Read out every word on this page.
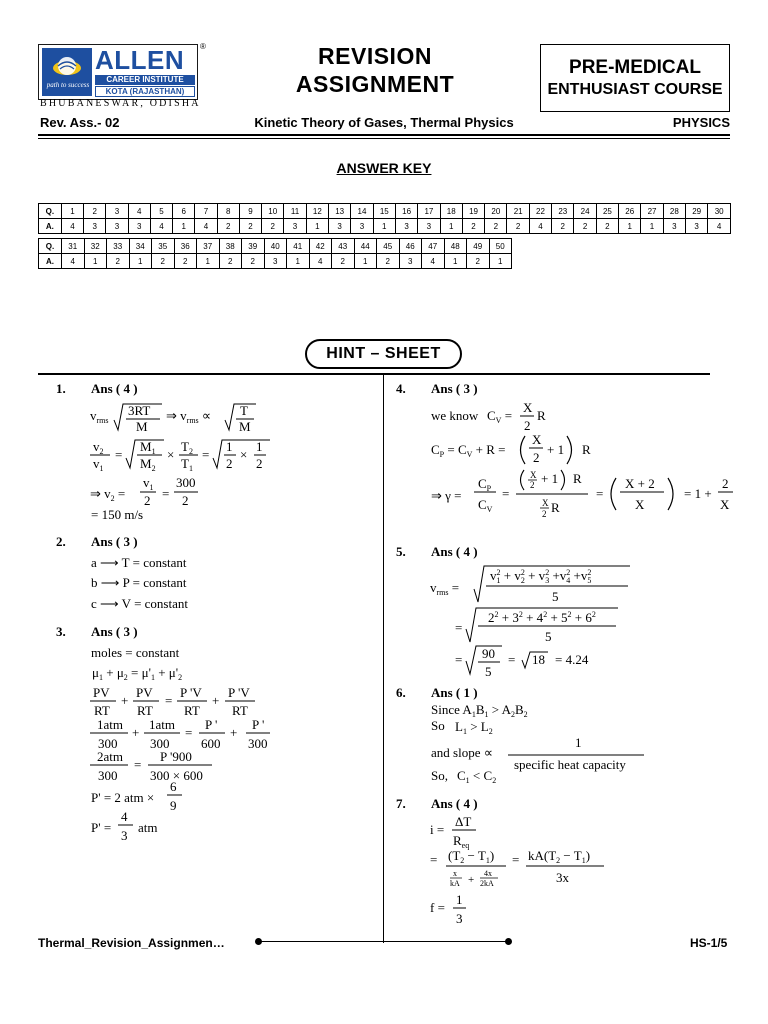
path to success
ALLEN
CAREER INSTITUTE
KOTA (RAJASTHAN)
®
BHUBANESWAR, ODISHA
REVISION
ASSIGNMENT
PRE-MEDICAL
ENTHUSIAST COURSE
Kinetic Theory of Gases, Thermal Physics
Rev. Ass.- 02	PHYSICS
ANSWER KEY
Q.	1	2	3	4	5	6	7	8	9	10	11	12	13	14	15	16	17	18	19	20	21	22	23	24	25	26	27	28	29	30
A.	4	3	3	3	4	1	4	2	2	2	3	1	3	3	1	3	3	1	2	2	2	4	2	2	2	1	1	3	3	4
Q.	31	32	33	34	35	36	37	38	39	40	41	42	43	44	45	46	47	48	49	50
A.	4	1	2	1	2	2	1	2	2	3	1	4	2	1	2	3	4	1	2	1
HINT – SHEET
1. Ans ( 4 )
$v_{rms}$
3RT
M
⇒ $v_{rms} \propto T$
M
$v_2$
$v_1$
=
$M_1$
$M_2$
×
$T_2$
$T_1$
=
1
2
×
1
2
⇒ $v_2$ =
$v_1$
2 =
300
2
= 150 m/s
2. Ans ( 3 )
a ⟶ T = constant
b ⟶ P = constant
c ⟶ V = constant
3. Ans ( 3 )
moles = constant
$\mu_1 + \mu_2 = \mu'_1 + \mu'_2$
PV
RT
+
PV
RT
=
P 'V
RT
+
P 'V
RT
1atm
300
+
1atm
300
=
P '
600
+
P '
300
2atm
300
=
P '900
300 × 600
P' = 2 atm ×
6
9
P' =
4
3
atm
4. Ans ( 3 )
we know $C_V$ =
X
2
R
$C_P = C_V + R$ =
X
2
+ 1 R
⇒ γ =
$C_P$
$C_V$
=
X
2 + 1 R
X
2 R
=
X + 2
X
= 1 +
2
X
5. Ans ( 4 )
$v_{rms}$ =
$v^2$ $1 + v^2$ $2 + v^2$ $3 +v^2$ $4 +v^2$ 5
5
=
$2^2 + 3^2 + 4^2 + 5^2 + 6^2$
5
= 90
5
= 18 = 4.24
6. Ans ( 1 )
Since $A_1B_1 > A_2B_2$
$L_1 > L_2$
1
specific heat capacity
$C_1 < C_2$
So
and slope ∝
So,
7. Ans ( 4 )
i =
ΔT
$R_{eq}$
= $(T_2 - T_1)$
x
kA +
4x
2kA
= $kA(T_2 - T_1)$
3x
f =
1
3
Thermal_Revision_Assignmen…	HS-1/5
